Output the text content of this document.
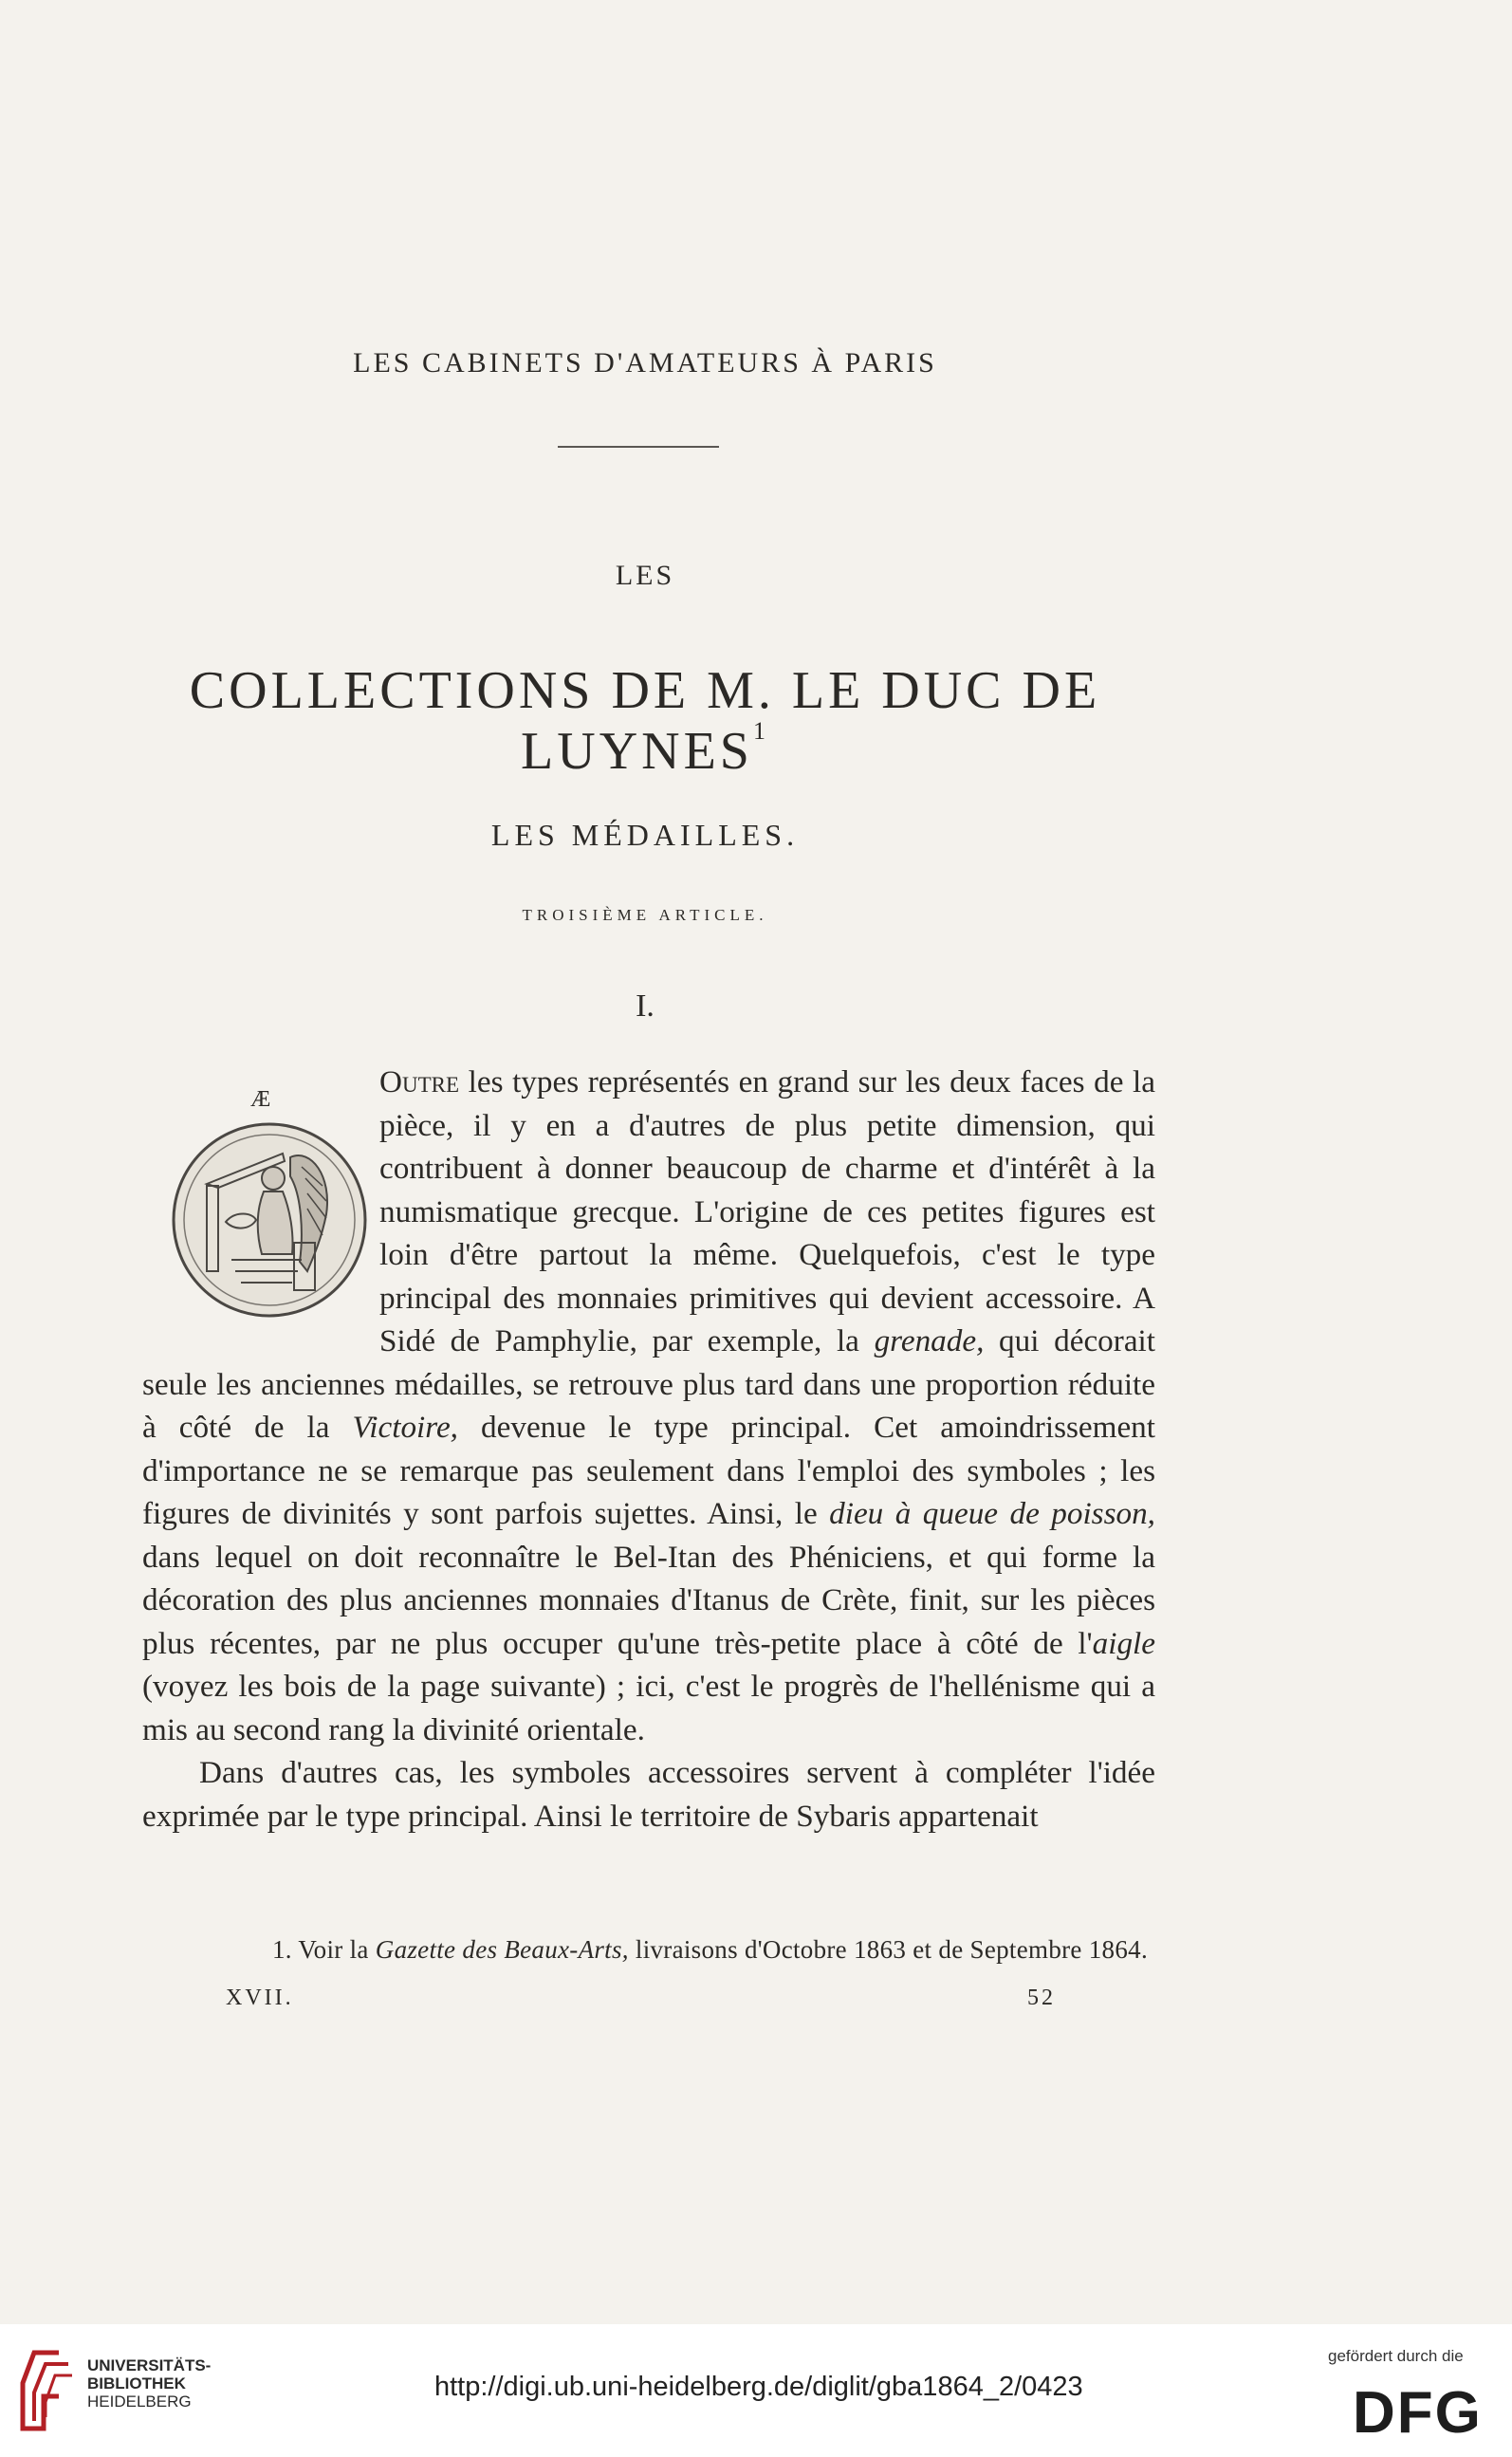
LES CABINETS D'AMATEURS À PARIS
LES
COLLECTIONS DE M. LE DUC DE LUYNES$^1$
LES MÉDAILLES.
TROISIÈME ARTICLE.
I.
Æ	Outre les types représentés en grand sur les deux faces de la pièce, il y en a d'autres de plus petite dimension, qui contribuent à donner beaucoup de charme et d'intérêt à la numismatique grecque. L'origine de ces petites figures est loin d'être partout la même. Quelquefois, c'est le type principal des monnaies primitives qui devient accessoire. A Sidé de Pamphylie, par exemple, la grenade, qui décorait seule les anciennes médailles, se retrouve plus tard dans une proportion réduite à côté de la Victoire, devenue le type principal. Cet amoindrissement d'importance ne se remarque pas seulement dans l'emploi des symboles ; les figures de divinités y sont parfois sujettes. Ainsi, le dieu à queue de poisson, dans lequel on doit reconnaître le Bel-Itan des Phéniciens, et qui forme la décoration des plus anciennes monnaies d'Itanus de Crète, finit, sur les pièces plus récentes, par ne plus occuper qu'une très-petite place à côté de l'aigle (voyez les bois de la page suivante) ; ici, c'est le progrès de l'hellénisme qui a mis au second rang la divinité orientale.

Dans d'autres cas, les symboles accessoires servent à compléter l'idée exprimée par le type principal. Ainsi le territoire de Sybaris appartenait

1. Voir la Gazette des Beaux-Arts, livraisons d'Octobre 1863 et de Septembre 1864.
XVII.	52
UNIVERSITÄTS-
BIBLIOTHEK
HEIDELBERG	http://digi.ub.uni-heidelberg.de/diglit/gba1864_2/0423
gefördert durch die
DFG
